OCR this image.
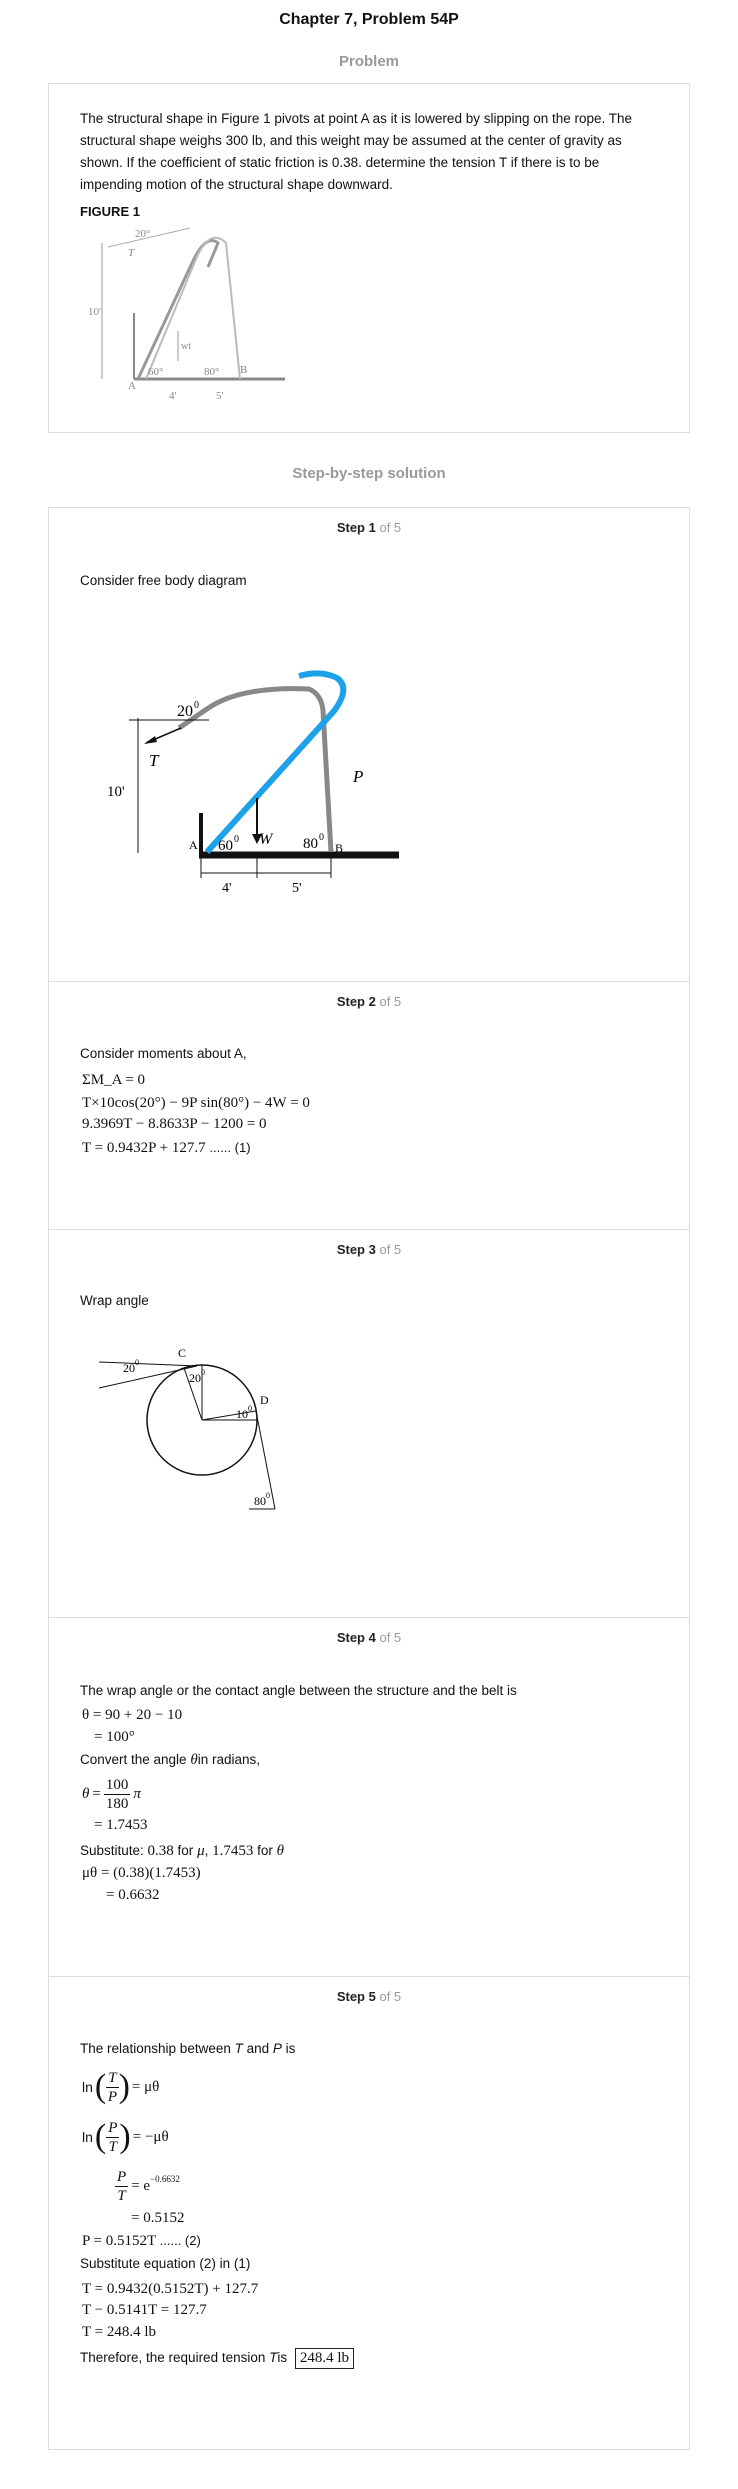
Chapter 7, Problem 54P
Problem
The structural shape in Figure 1 pivots at point A as it is lowered by slipping on the rope. The structural shape weighs 300 lb, and this weight may be assumed at the center of gravity as shown. If the coefficient of static friction is 0.38. determine the tension T if there is to be impending motion of the structural shape downward.
FIGURE 1
20°
T
10'
wt
60°	80°
A
B
4'	5'
Step-by-step solution
Step 1 of 5
Consider free body diagram
20 0
T
10'
P
A 60 0 W 80 0
B
4'	5'
Step 2 of 5
Consider moments about A,
ΣM_A = 0
T×10cos(20°) − 9P sin(80°) − 4W = 0
9.3969T − 8.8633P − 1200 = 0
T = 0.9432P + 127.7 ...... (1)
Step 3 of 5
Wrap angle
C
D
20 0
20 0
10 0
80 0
Step 4 of 5
The wrap angle or the contact angle between the structure and the belt is
θ = 90 + 20 − 10
= 100°
Convert the angle θin radians,
$\theta = \frac{100}{180}$ π
= 1.7453
Substitute: 0.38 for μ, 1.7453 for θ
μθ = (0.38)(1.7453)
= 0.6632
Step 5 of 5
The relationship between T and P is
ln ( $\frac{T}{P}$ ) = μθ
ln ( $\frac{P}{T}$ ) = −μθ
$\frac{P}{T} = e^{-0.6632}$
= 0.5152
P = 0.5152T ...... (2)
Substitute equation (2) in (1)
T = 0.9432(0.5152T) + 127.7
T − 0.5141T = 127.7
T = 248.4 lb
Therefore, the required tension Tis 248.4 lb
